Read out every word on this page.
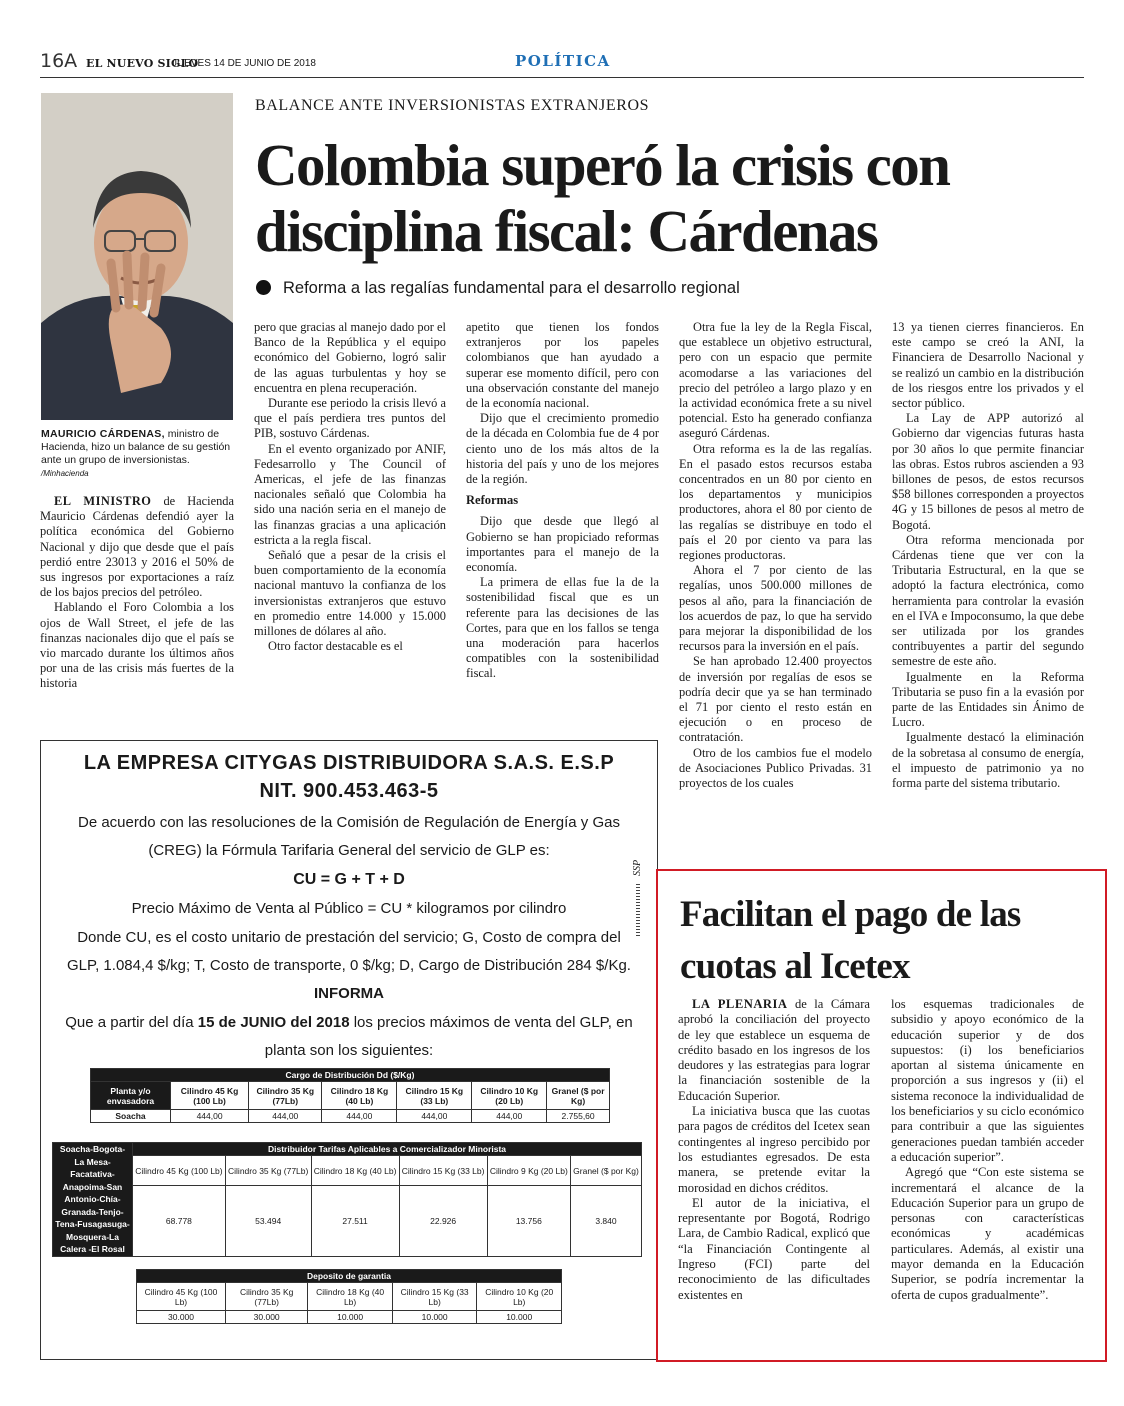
16A EL NUEVO SIGLO
JUEVES 14 DE JUNIO DE 2018	POLÍTICA
MAURICIO CÁRDENAS, ministro de Hacienda, hizo un balance de su gestión ante un grupo de inversionistas. /Minhacienda
BALANCE ANTE INVERSIONISTAS EXTRANJEROS
Colombia superó la crisis con disciplina fiscal: Cárdenas
Reforma a las regalías fundamental para el desarrollo regional

EL MINISTRO de Hacienda Mauricio Cárdenas defendió ayer la política económica del Gobierno Nacional y dijo que desde que el país perdió entre 23013 y 2016 el 50% de sus ingresos por exportaciones a raíz de los bajos precios del petróleo.

Hablando el Foro Colombia a los ojos de Wall Street, el jefe de las finanzas nacionales dijo que el país se vio marcado durante los últimos años por una de las crisis más fuertes de la historia

pero que gracias al manejo dado por el Banco de la República y el equipo económico del Gobierno, logró salir de las aguas turbulentas y hoy se encuentra en plena recuperación.

Durante ese periodo la crisis llevó a que el país perdiera tres puntos del PIB, sostuvo Cárdenas.

En el evento organizado por ANIF, Fedesarrollo y The Council of Americas, el jefe de las finanzas nacionales señaló que Colombia ha sido una nación seria en el manejo de las finanzas gracias a una aplicación estricta a la regla fiscal.

Señaló que a pesar de la crisis el buen comportamiento de la economía nacional mantuvo la confianza de los inversionistas extranjeros que estuvo en promedio entre 14.000 y 15.000 millones de dólares al año.

Otro factor destacable es el

apetito que tienen los fondos extranjeros por los papeles colombianos que han ayudado a superar ese momento difícil, pero con una observación constante del manejo de la economía nacional.

Dijo que el crecimiento promedio de la década en Colombia fue de 4 por ciento uno de los más altos de la historia del país y uno de los mejores de la región.

Reformas

Dijo que desde que llegó al Gobierno se han propiciado reformas importantes para el manejo de la economía.

La primera de ellas fue la de la sostenibilidad fiscal que es un referente para las decisiones de las Cortes, para que en los fallos se tenga una moderación para hacerlos compatibles con la sostenibilidad fiscal.

Otra fue la ley de la Regla Fiscal, que establece un objetivo estructural, pero con un espacio que permite acomodarse a las variaciones del precio del petróleo a largo plazo y en la actividad económica frete a su nivel potencial. Esto ha generado confianza aseguró Cárdenas.

Otra reforma es la de las regalías. En el pasado estos recursos estaba concentrados en un 80 por ciento en los departamentos y municipios productores, ahora el 80 por ciento de las regalías se distribuye en todo el país el 20 por ciento va para las regiones productoras.

Ahora el 7 por ciento de las regalías, unos 500.000 millones de pesos al año, para la financiación de los acuerdos de paz, lo que ha servido para mejorar la disponibilidad de los recursos para la inversión en el país.

Se han aprobado 12.400 proyectos de inversión por regalías de esos se podría decir que ya se han terminado el 71 por ciento el resto están en ejecución o en proceso de contratación.

Otro de los cambios fue el modelo de Asociaciones Publico Privadas. 31 proyectos de los cuales

13 ya tienen cierres financieros. En este campo se creó la ANI, la Financiera de Desarrollo Nacional y se realizó un cambio en la distribución de los riesgos entre los privados y el sector público.

La Lay de APP autorizó al Gobierno dar vigencias futuras hasta por 30 años lo que permite financiar las obras. Estos rubros ascienden a 93 billones de pesos, de estos recursos $58 billones corresponden a proyectos 4G y 15 billones de pesos al metro de Bogotá.

Otra reforma mencionada por Cárdenas tiene que ver con la Tributaria Estructural, en la que se adoptó la factura electrónica, como herramienta para controlar la evasión en el IVA e Impoconsumo, la que debe ser utilizada por los grandes contribuyentes a partir del segundo semestre de este año.

Igualmente en la Reforma Tributaria se puso fin a la evasión por parte de las Entidades sin Ánimo de Lucro.

Igualmente destacó la eliminación de la sobretasa al consumo de energía, el impuesto de patrimonio ya no forma parte del sistema tributario.

LA EMPRESA CITYGAS DISTRIBUIDORA S.A.S. E.S.P
NIT. 900.453.463-5
De acuerdo con las resoluciones de la Comisión de Regulación de Energía y Gas
(CREG) la Fórmula Tarifaria General del servicio de GLP es:
CU = G + T + D
Precio Máximo de Venta al Público = CU * kilogramos por cilindro
Donde CU, es el costo unitario de prestación del servicio; G, Costo de compra del
GLP, 1.084,4 $/kg; T, Costo de transporte, 0 $/kg; D, Cargo de Distribución 284 $/Kg.
INFORMA
Que a partir del día 15 de JUNIO del 2018 los precios máximos de venta del GLP, en
planta son los siguientes:
Cargo de Distribución Dd ($/Kg)						
Planta y/o envasadora	Cilindro 45 Kg (100 Lb)	Cilindro 35 Kg (77Lb)	Cilindro 18 Kg (40 Lb)	Cilindro 15 Kg (33 Lb)	Cilindro 10 Kg (20 Lb)	Granel ($ por Kg)
Soacha	444,00	444,00	444,00	444,00	444,00	2.755,60
Soacha-Bogota-La Mesa-Facatativa-Anapoima-San Antonio-Chía-Granada-Tenjo-Tena-Fusagasuga-Mosquera-La Calera -El Rosal	Distribuidor Tarifas Aplicables a Comercializador Minorista					
	Cilindro 45 Kg (100 Lb)	Cilindro 35 Kg (77Lb)	Cilindro 18 Kg (40 Lb)	Cilindro 15 Kg (33 Lb)	Cilindro 9 Kg (20 Lb)	Granel ($ por Kg)
	68.778	53.494	27.511	22.926	13.756	3.840
Deposito de garantia				
Cilindro 45 Kg (100 Lb)	Cilindro 35 Kg (77Lb)	Cilindro 18 Kg (40 Lb)	Cilindro 15 Kg (33 Lb)	Cilindro 10 Kg (20 Lb)
30.000	30.000	10.000	10.000	10.000
SSP
Facilitan el pago de las cuotas al Icetex

LA PLENARIA de la Cámara aprobó la conciliación del proyecto de ley que establece un esquema de crédito basado en los ingresos de los deudores y las estrategias para lograr la financiación sostenible de la Educación Superior.

La iniciativa busca que las cuotas para pagos de créditos del Icetex sean contingentes al ingreso percibido por los estudiantes egresados. De esta manera, se pretende evitar la morosidad en dichos créditos.

El autor de la iniciativa, el representante por Bogotá, Rodrigo Lara, de Cambio Radical, explicó que “la Financiación Contingente al Ingreso (FCI) parte del reconocimiento de las dificultades existentes en

los esquemas tradicionales de subsidio y apoyo económico de la educación superior y de dos supuestos: (i) los beneficiarios aportan al sistema únicamente en proporción a sus ingresos y (ii) el sistema reconoce la individualidad de los beneficiarios y su ciclo económico para contribuir a que las siguientes generaciones puedan también acceder a educación superior”.

Agregó que “Con este sistema se incrementará el alcance de la Educación Superior para un grupo de personas con características económicas y académicas particulares. Además, al existir una mayor demanda en la Educación Superior, se podría incrementar la oferta de cupos gradualmente”.
